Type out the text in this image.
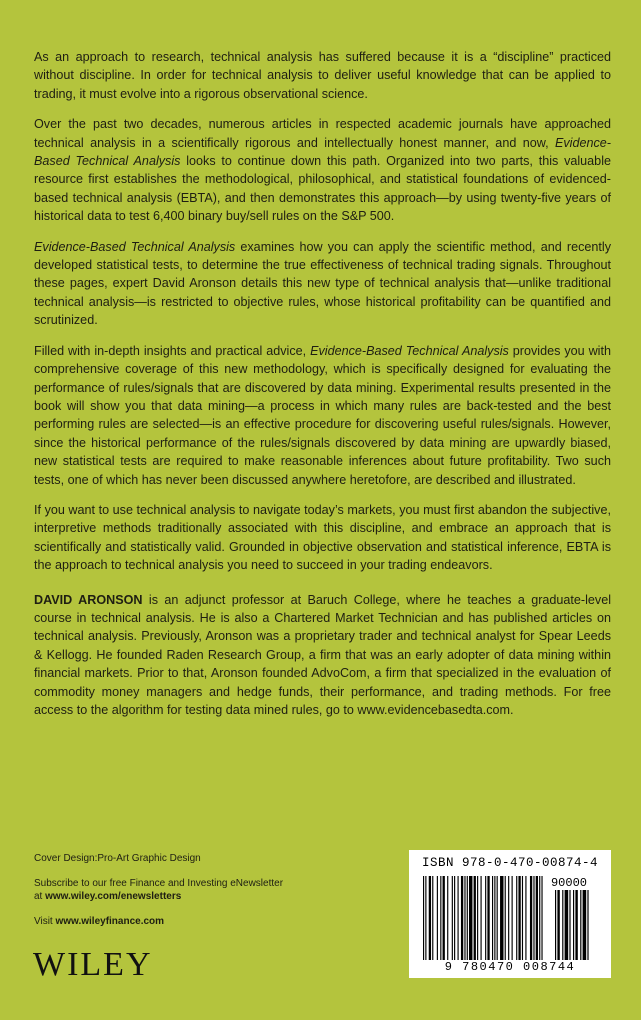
As an approach to research, technical analysis has suffered because it is a “discipline” practiced without discipline. In order for technical analysis to deliver useful knowledge that can be applied to trading, it must evolve into a rigorous observational science.

Over the past two decades, numerous articles in respected academic journals have approached technical analysis in a scientifically rigorous and intellectually honest manner, and now, Evidence-Based Technical Analysis looks to continue down this path. Organized into two parts, this valuable resource first establishes the methodological, philosophical, and statistical foundations of evidenced-based technical analysis (EBTA), and then demonstrates this approach—by using twenty-five years of historical data to test 6,400 binary buy/sell rules on the S&P 500.

Evidence-Based Technical Analysis examines how you can apply the scientific method, and recently developed statistical tests, to determine the true effectiveness of technical trading signals. Throughout these pages, expert David Aronson details this new type of technical analysis that—unlike traditional technical analysis—is restricted to objective rules, whose historical profitability can be quantified and scrutinized.

Filled with in-depth insights and practical advice, Evidence-Based Technical Analysis provides you with comprehensive coverage of this new methodology, which is specifically designed for evaluating the performance of rules/signals that are discovered by data mining. Experimental results presented in the book will show you that data mining—a process in which many rules are back-tested and the best performing rules are selected—is an effective procedure for discovering useful rules/signals. However, since the historical performance of the rules/signals discovered by data mining are upwardly biased, new statistical tests are required to make reasonable inferences about future profitability. Two such tests, one of which has never been discussed anywhere heretofore, are described and illustrated.

If you want to use technical analysis to navigate today’s markets, you must first abandon the subjective, interpretive methods traditionally associated with this discipline, and embrace an approach that is scientifically and statistically valid. Grounded in objective observation and statistical inference, EBTA is the approach to technical analysis you need to succeed in your trading endeavors.

DAVID ARONSON is an adjunct professor at Baruch College, where he teaches a graduate-level course in technical analysis. He is also a Chartered Market Technician and has published articles on technical analysis. Previously, Aronson was a proprietary trader and technical analyst for Spear Leeds & Kellogg. He founded Raden Research Group, a firm that was an early adopter of data mining within financial markets. Prior to that, Aronson founded AdvoCom, a firm that specialized in the evaluation of commodity money managers and hedge funds, their performance, and trading methods. For free access to the algorithm for testing data mined rules, go to www.evidencebasedta.com.

Cover Design:Pro-Art Graphic Design
Subscribe to our free Finance and Investing eNewsletter
at www.wiley.com/enewsletters
Visit www.wileyfinance.com
WILEY
ISBN 978-0-470-00874-4
90000
9 780470 008744
